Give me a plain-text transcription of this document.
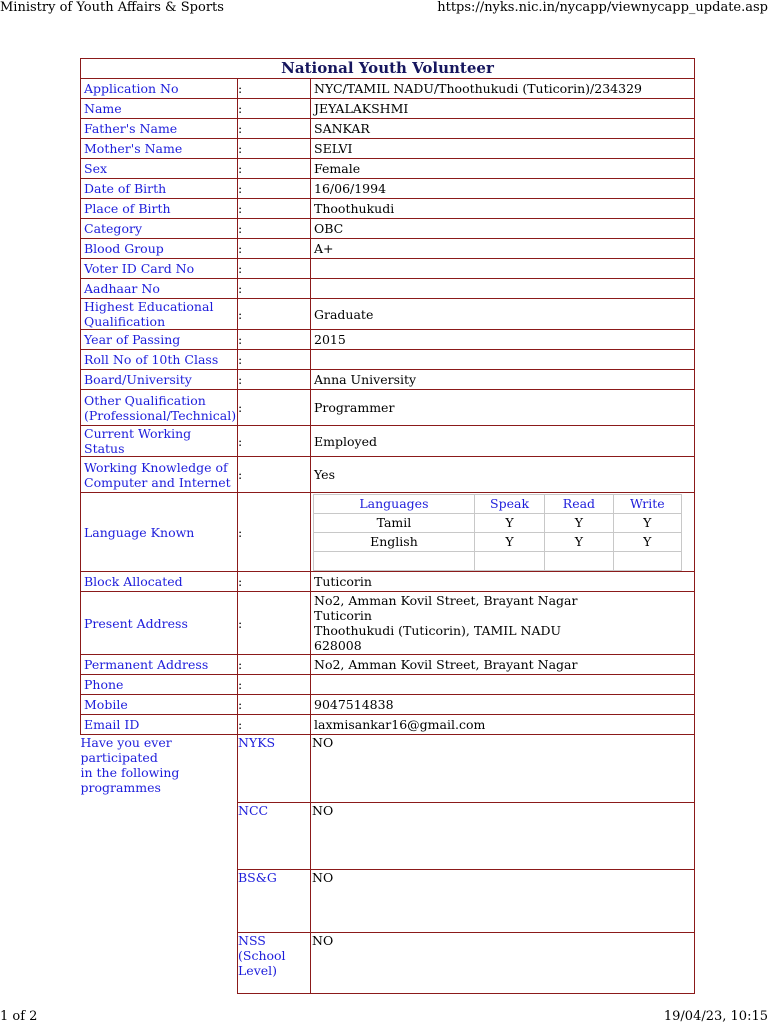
Ministry of Youth Affairs & Sports	https://nyks.nic.in/nycapp/viewnycapp_update.asp
National Youth Volunteer
Application No	:	NYC/TAMIL NADU/Thoothukudi (Tuticorin)/234329
Name	:	JEYALAKSHMI
Father's Name	:	SANKAR
Mother's Name	:	SELVI
Sex	:	Female
Date of Birth	:	16/06/1994
Place of Birth	:	Thoothukudi
Category	:	OBC
Blood Group	:	A+
Voter ID Card No	:	
Aadhaar No	:	
Highest Educational Qualification	:	Graduate
Year of Passing	:	2015
Roll No of 10th Class	:	
Board/University	:	Anna University
Other Qualification (Professional/Technical)	:	Programmer
Current Working Status	:	Employed
Working Knowledge of Computer and Internet	:	Yes
Language Known	:	
Languages	Speak	Read	Write
Tamil	Y	Y	Y
English	Y	Y	Y

Block Allocated	:	Tuticorin
Present Address	:	No2, Amman Kovil Street, Brayant Nagar
Tuticorin
Thoothukudi (Tuticorin), TAMIL NADU
628008
Permanent Address	:	No2, Amman Kovil Street, Brayant Nagar
Phone	:	
Mobile	:	9047514838
Email ID	:	laxmisankar16@gmail.com
Have you ever
participated
in the following
programmes	NYKS	NO
NCC	NO
BS&G	NO
NSS
(School
Level)	NO
1 of 2	19/04/23, 10:15
